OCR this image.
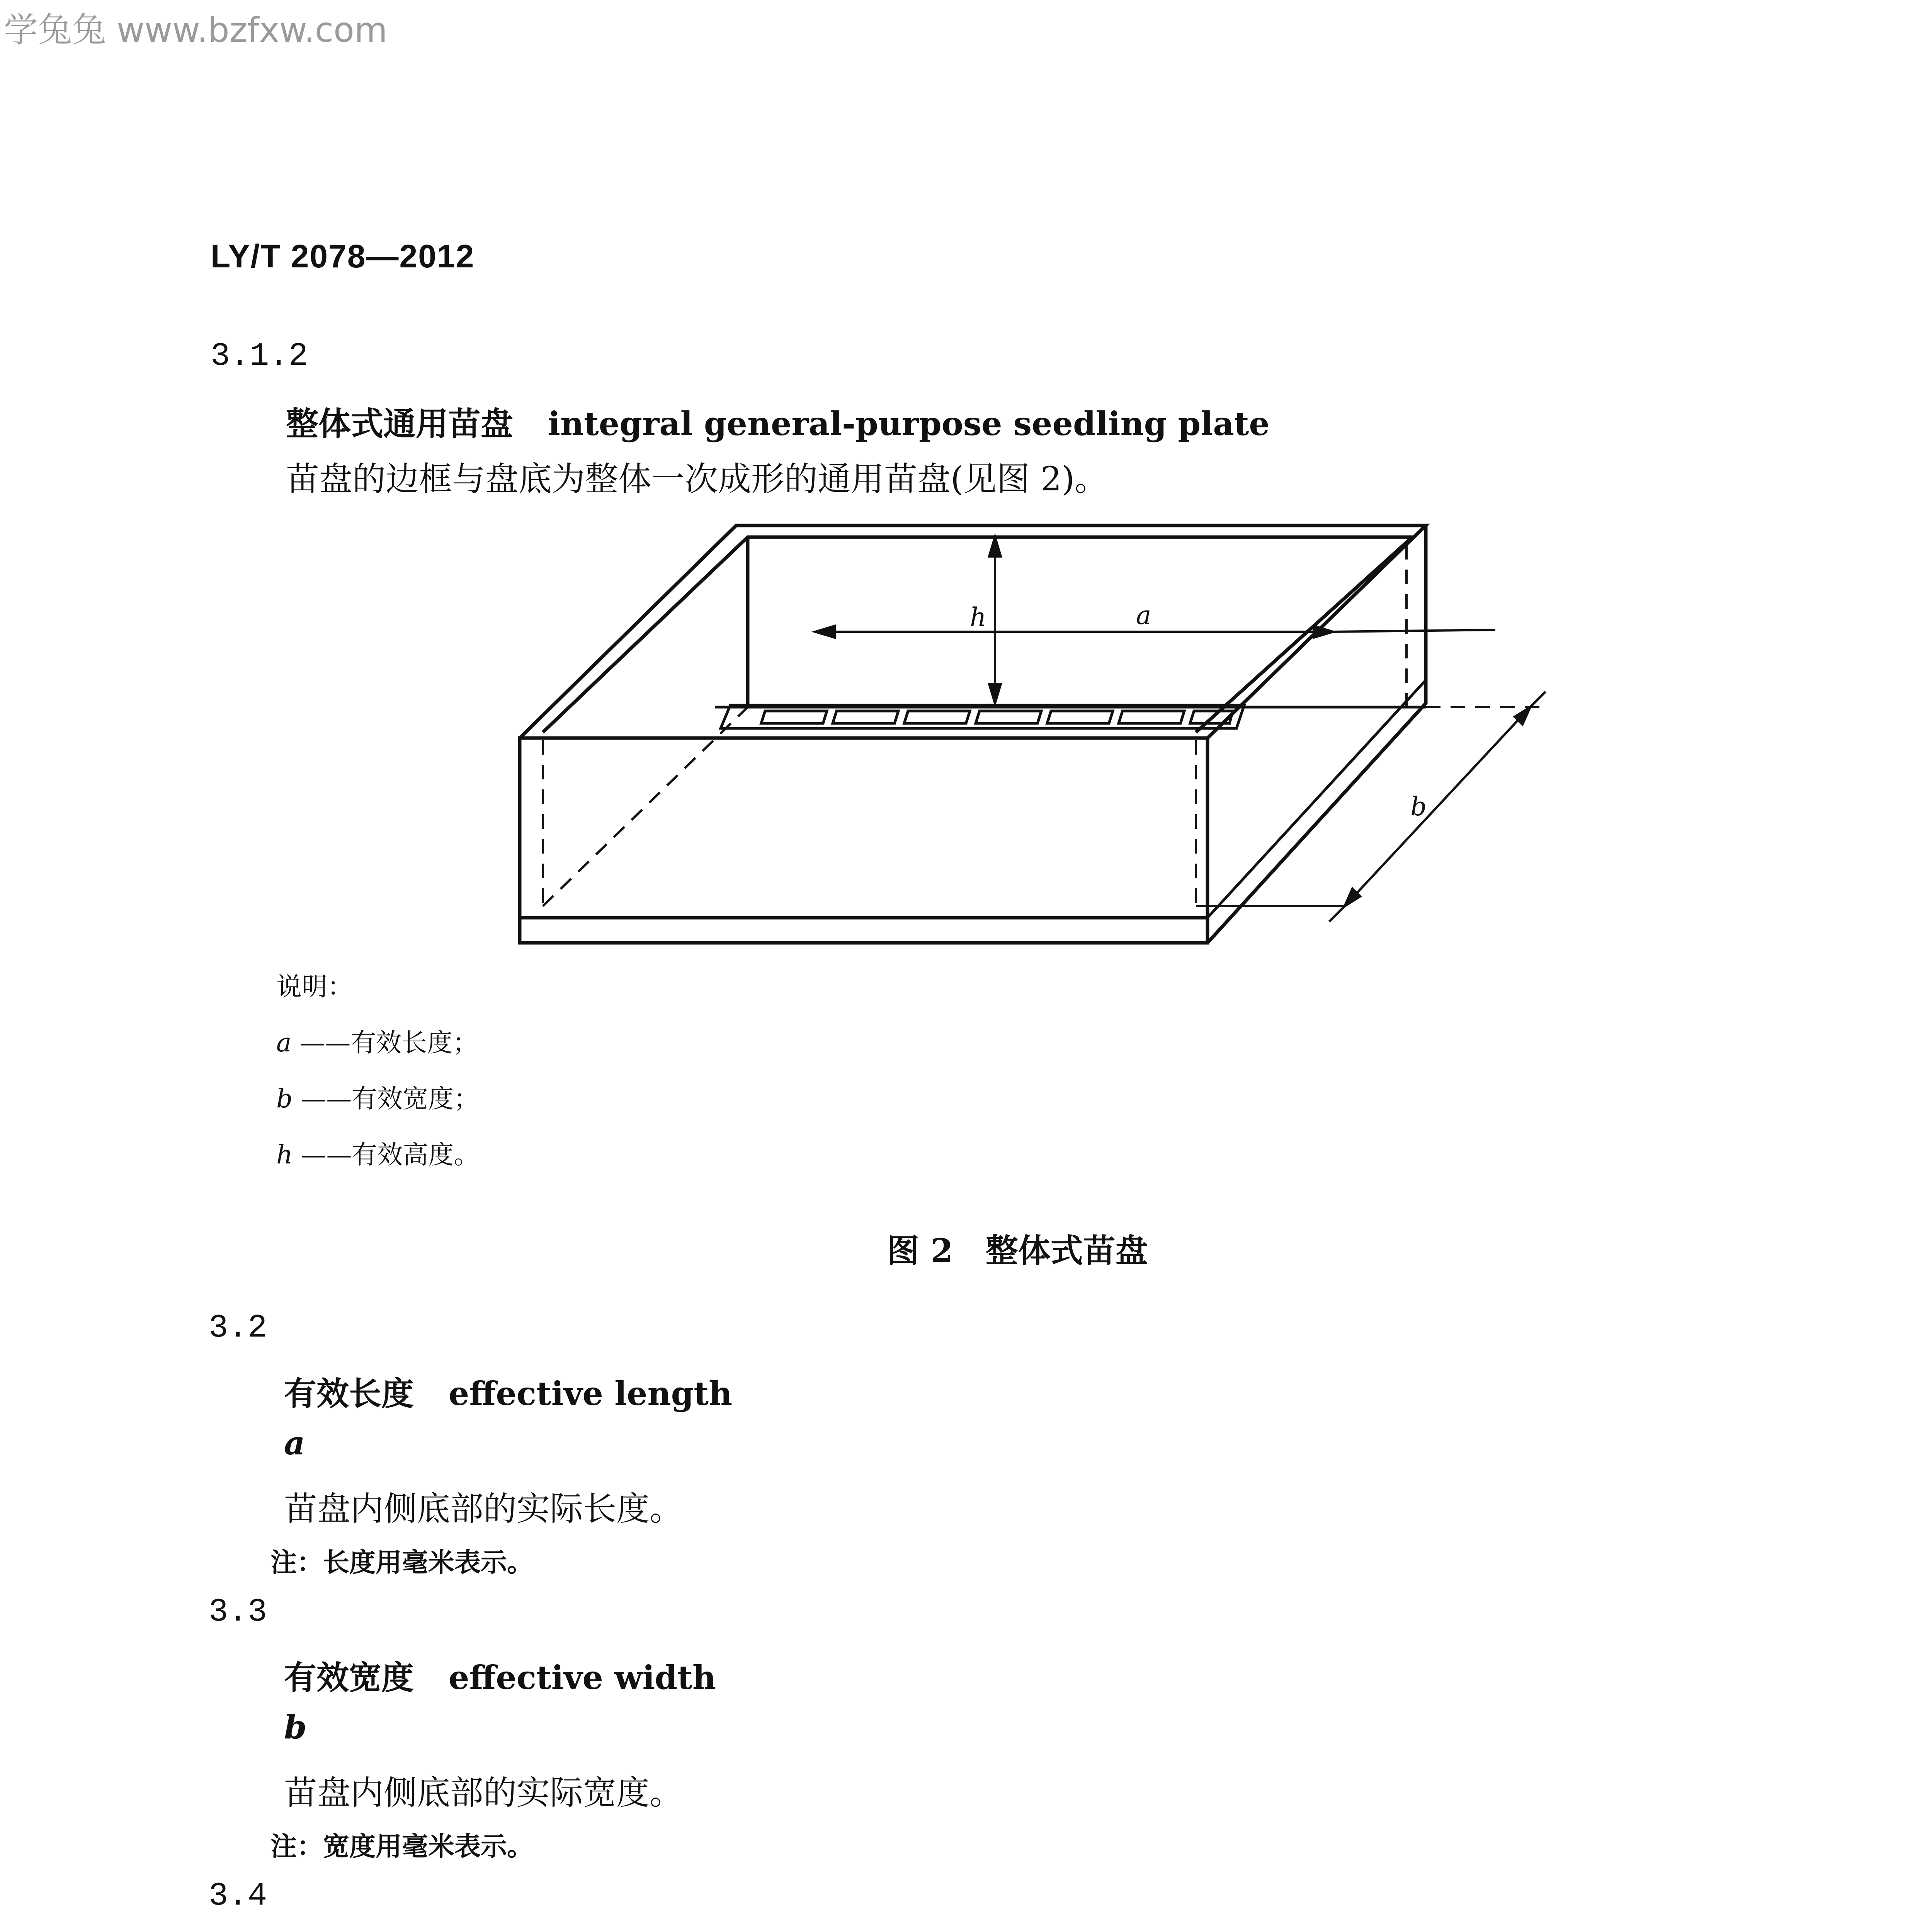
学兔兔 www.bzfxw.com
LY/T 2078—2012
3.1.2
整体式通用苗盘 integral general-purpose seedling plate
苗盘的边框与盘底为整体一次成形的通用苗盘(见图 2)。
h	a
b
说明：
a ——有效长度；
b ——有效宽度；
h ——有效高度。
图 2　整体式苗盘
3.2
有效长度 effective length
a
苗盘内侧底部的实际长度。
注：长度用毫米表示。
3.3
有效宽度 effective width
b
苗盘内侧底部的实际宽度。
注：宽度用毫米表示。
3.4
